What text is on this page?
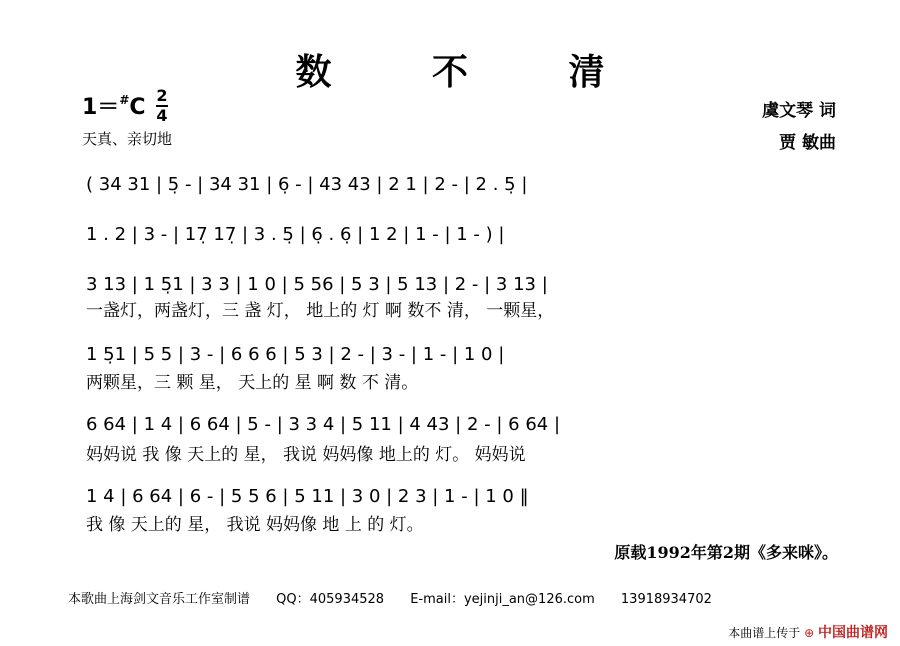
数 不 清
1＝#C 2
4
天真、亲切地
虞文琴 词
贾 敏曲
( 34 31 | 5̣ - | 34 31 | 6̣ - | 43 43 | 2 1 | 2 - | 2 . 5̣ |
1 . 2 | 3 - | 17̣ 17̣ | 3 . 5̣ | 6̣ . 6̣ | 1 2 | 1 - | 1 - ) |
3 13 | 1 5̣1 | 3 3 | 1 0 | 5 56 | 5 3 | 5 13 | 2 - | 3 13 |
一盏灯，两盏灯，三 盏 灯， 地上的 灯 啊 数不 清， 一颗星，
1 5̣1 | 5 5 | 3 - | 6 6 6 | 5 3 | 2 - | 3 - | 1 - | 1 0 |
两颗星，三 颗 星， 天上的 星 啊 数 不 清。
6 64 | 1 4 | 6 64 | 5 - | 3 3 4 | 5 11 | 4 43 | 2 - | 6 64 |
妈妈说 我 像 天上的 星， 我说 妈妈像 地上的 灯。 妈妈说
1 4 | 6 64 | 6 - | 5 5 6 | 5 11 | 3 0 | 2 3 | 1 - | 1 0 ‖
我 像 天上的 星， 我说 妈妈像 地 上 的 灯。
原载1992年第2期《多来咪》。
本歌曲上海剑文音乐工作室制谱 QQ：405934528 E-mail：yejinji_an@126.com 13918934702
本曲谱上传于 ⊕ 中国曲谱网
